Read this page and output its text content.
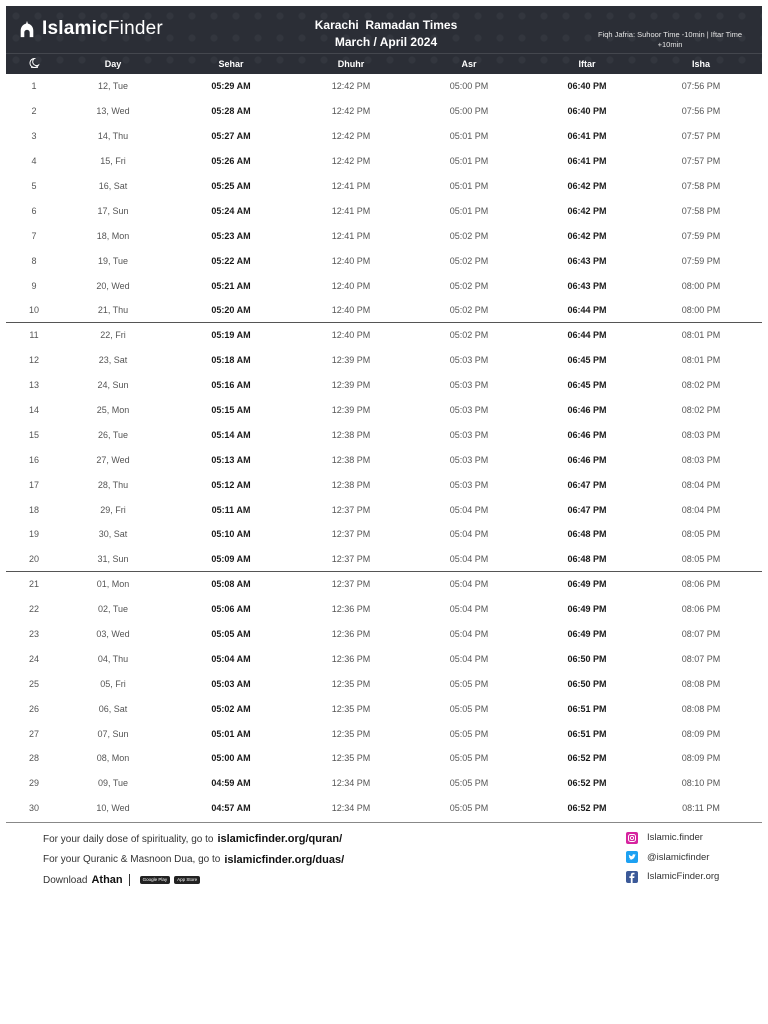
IslamicFinder	Karachi  Ramadan Times
March / April 2024
Fiqh Jafria: Suhoor Time -10min | Iftar Time +10min
Day	Sehar	Dhuhr	Asr	Iftar	Isha
1	12, Tue	05:29 AM	12:42 PM	05:00 PM	06:40 PM	07:56 PM
2	13, Wed	05:28 AM	12:42 PM	05:00 PM	06:40 PM	07:56 PM
3	14, Thu	05:27 AM	12:42 PM	05:01 PM	06:41 PM	07:57 PM
4	15, Fri	05:26 AM	12:42 PM	05:01 PM	06:41 PM	07:57 PM
5	16, Sat	05:25 AM	12:41 PM	05:01 PM	06:42 PM	07:58 PM
6	17, Sun	05:24 AM	12:41 PM	05:01 PM	06:42 PM	07:58 PM
7	18, Mon	05:23 AM	12:41 PM	05:02 PM	06:42 PM	07:59 PM
8	19, Tue	05:22 AM	12:40 PM	05:02 PM	06:43 PM	07:59 PM
9	20, Wed	05:21 AM	12:40 PM	05:02 PM	06:43 PM	08:00 PM
10	21, Thu	05:20 AM	12:40 PM	05:02 PM	06:44 PM	08:00 PM
11	22, Fri	05:19 AM	12:40 PM	05:02 PM	06:44 PM	08:01 PM
12	23, Sat	05:18 AM	12:39 PM	05:03 PM	06:45 PM	08:01 PM
13	24, Sun	05:16 AM	12:39 PM	05:03 PM	06:45 PM	08:02 PM
14	25, Mon	05:15 AM	12:39 PM	05:03 PM	06:46 PM	08:02 PM
15	26, Tue	05:14 AM	12:38 PM	05:03 PM	06:46 PM	08:03 PM
16	27, Wed	05:13 AM	12:38 PM	05:03 PM	06:46 PM	08:03 PM
17	28, Thu	05:12 AM	12:38 PM	05:03 PM	06:47 PM	08:04 PM
18	29, Fri	05:11 AM	12:37 PM	05:04 PM	06:47 PM	08:04 PM
19	30, Sat	05:10 AM	12:37 PM	05:04 PM	06:48 PM	08:05 PM
20	31, Sun	05:09 AM	12:37 PM	05:04 PM	06:48 PM	08:05 PM
21	01, Mon	05:08 AM	12:37 PM	05:04 PM	06:49 PM	08:06 PM
22	02, Tue	05:06 AM	12:36 PM	05:04 PM	06:49 PM	08:06 PM
23	03, Wed	05:05 AM	12:36 PM	05:04 PM	06:49 PM	08:07 PM
24	04, Thu	05:04 AM	12:36 PM	05:04 PM	06:50 PM	08:07 PM
25	05, Fri	05:03 AM	12:35 PM	05:05 PM	06:50 PM	08:08 PM
26	06, Sat	05:02 AM	12:35 PM	05:05 PM	06:51 PM	08:08 PM
27	07, Sun	05:01 AM	12:35 PM	05:05 PM	06:51 PM	08:09 PM
28	08, Mon	05:00 AM	12:35 PM	05:05 PM	06:52 PM	08:09 PM
29	09, Tue	04:59 AM	12:34 PM	05:05 PM	06:52 PM	08:10 PM
30	10, Wed	04:57 AM	12:34 PM	05:05 PM	06:52 PM	08:11 PM
For your daily dose of spirituality, go to islamicfinder.org/quran/
For your Quranic & Masnoon Dua, go to islamicfinder.org/duas/
Download Athan	Google Play	App Store
Islamic.finder
@islamicfinder
IslamicFinder.org
